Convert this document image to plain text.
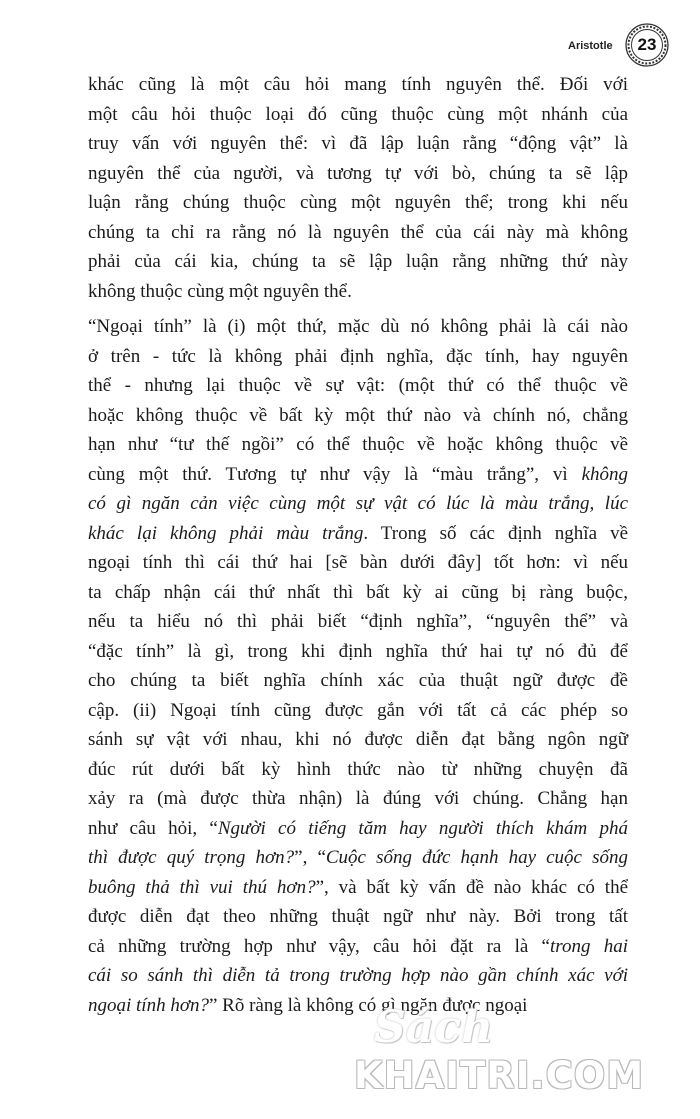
Aristotle	23
khác cũng là một câu hỏi mang tính nguyên thể. Đối với
một câu hỏi thuộc loại đó cũng thuộc cùng một nhánh của
truy vấn với nguyên thể: vì đã lập luận rằng “động vật” là
nguyên thể của người, và tương tự với bò, chúng ta sẽ lập
luận rằng chúng thuộc cùng một nguyên thể; trong khi nếu
chúng ta chỉ ra rằng nó là nguyên thể của cái này mà không
phải của cái kia, chúng ta sẽ lập luận rằng những thứ này
không thuộc cùng một nguyên thể.
“Ngoại tính” là (i) một thứ, mặc dù nó không phải là cái nào
ở trên - tức là không phải định nghĩa, đặc tính, hay nguyên
thể - nhưng lại thuộc về sự vật: (một thứ có thể thuộc về
hoặc không thuộc về bất kỳ một thứ nào và chính nó, chẳng
hạn như “tư thế ngồi” có thể thuộc về hoặc không thuộc về
cùng một thứ. Tương tự như vậy là “màu trắng”, vì không
có gì ngăn cản việc cùng một sự vật có lúc là màu trắng, lúc
khác lại không phải màu trắng. Trong số các định nghĩa về
ngoại tính thì cái thứ hai [sẽ bàn dưới đây] tốt hơn: vì nếu
ta chấp nhận cái thứ nhất thì bất kỳ ai cũng bị ràng buộc,
nếu ta hiểu nó thì phải biết “định nghĩa”, “nguyên thể” và
“đặc tính” là gì, trong khi định nghĩa thứ hai tự nó đủ để
cho chúng ta biết nghĩa chính xác của thuật ngữ được đề
cập. (ii) Ngoại tính cũng được gắn với tất cả các phép so
sánh sự vật với nhau, khi nó được diễn đạt bằng ngôn ngữ
đúc rút dưới bất kỳ hình thức nào từ những chuyện đã
xảy ra (mà được thừa nhận) là đúng với chúng. Chẳng hạn
như câu hỏi, “Người có tiếng tăm hay người thích khám phá
thì được quý trọng hơn?”, “Cuộc sống đức hạnh hay cuộc sống
buông thả thì vui thú hơn?”, và bất kỳ vấn đề nào khác có thể
được diễn đạt theo những thuật ngữ như này. Bởi trong tất
cả những trường hợp như vậy, câu hỏi đặt ra là “trong hai
cái so sánh thì diễn tả trong trường hợp nào gần chính xác với
ngoại tính hơn?” Rõ ràng là không có gì ngăn được ngoại
Sách
KHAITRI.COM
